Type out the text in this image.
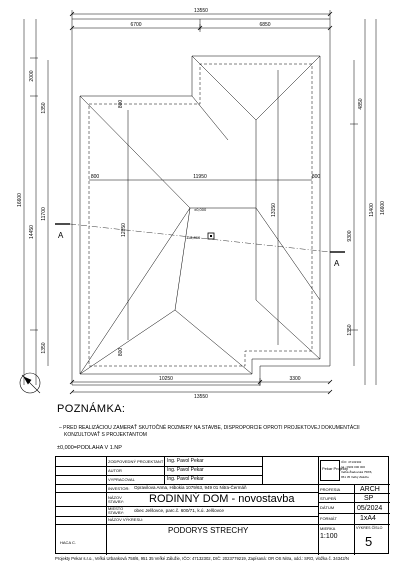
13550
6700	6850
10250	3300
13550
11950
800	800
800
800
12850
13150
16600
14450
11700
2000
1350
1350
16600
11400
4850
9300
1350
A
A
±0,000
118,860

POZNÁMKA:

– PRED REALIZÁCIOU ZAMERAŤ SKUTOČNÉ ROZMERY NA STAVBE, DISPROPORCIE OPROTI PROJEKTOVEJ DOKUMENTÁCII

KONZULTOVAŤ S PROJEKTANTOM

±0,000=PODLAHA V 1.NP

ZODPOVEDNÝ PROJEKTANT Ing. Pavol Pekar
AUTOR	Ing. Pavol Pekar
VYPRACOVAL	Ing. Pavol Pekar
Pekar Projekty
IČO: 47132302
tel.: 0903 000 000
Veľká Žiadovská 758/6,
951 35 Veľký Zálužie
INVESTOR: Opravilova Anna, Hibokia 1079/63, 949 01 Nitra-Čermáň
NÁZOV STAVBY:	RODINNÝ DOM - novostavba
MIESTO STAVBY:	obec Jelšovce, parc.č. 600/71, k.ú. Jelšovce
NÁZOV VÝKRESU:
PODORYS STRECHY
HACA C.
PROFESIA	ARCH
STUPEŇ	SP
DÁTUM	05/2024
FORMÁT	1xA4
MIERKA
1:100
VÝKRES ČÍSLO
5

Projekty Pekar s.r.o., Veľká Urbanková 758/6, 951 35 Veľké Zálužie, IČO: 47132302, DIČ: 2023779219, Zapísaná: OR OS Nitra, odd.: SRO, vložka č. 34342/N
